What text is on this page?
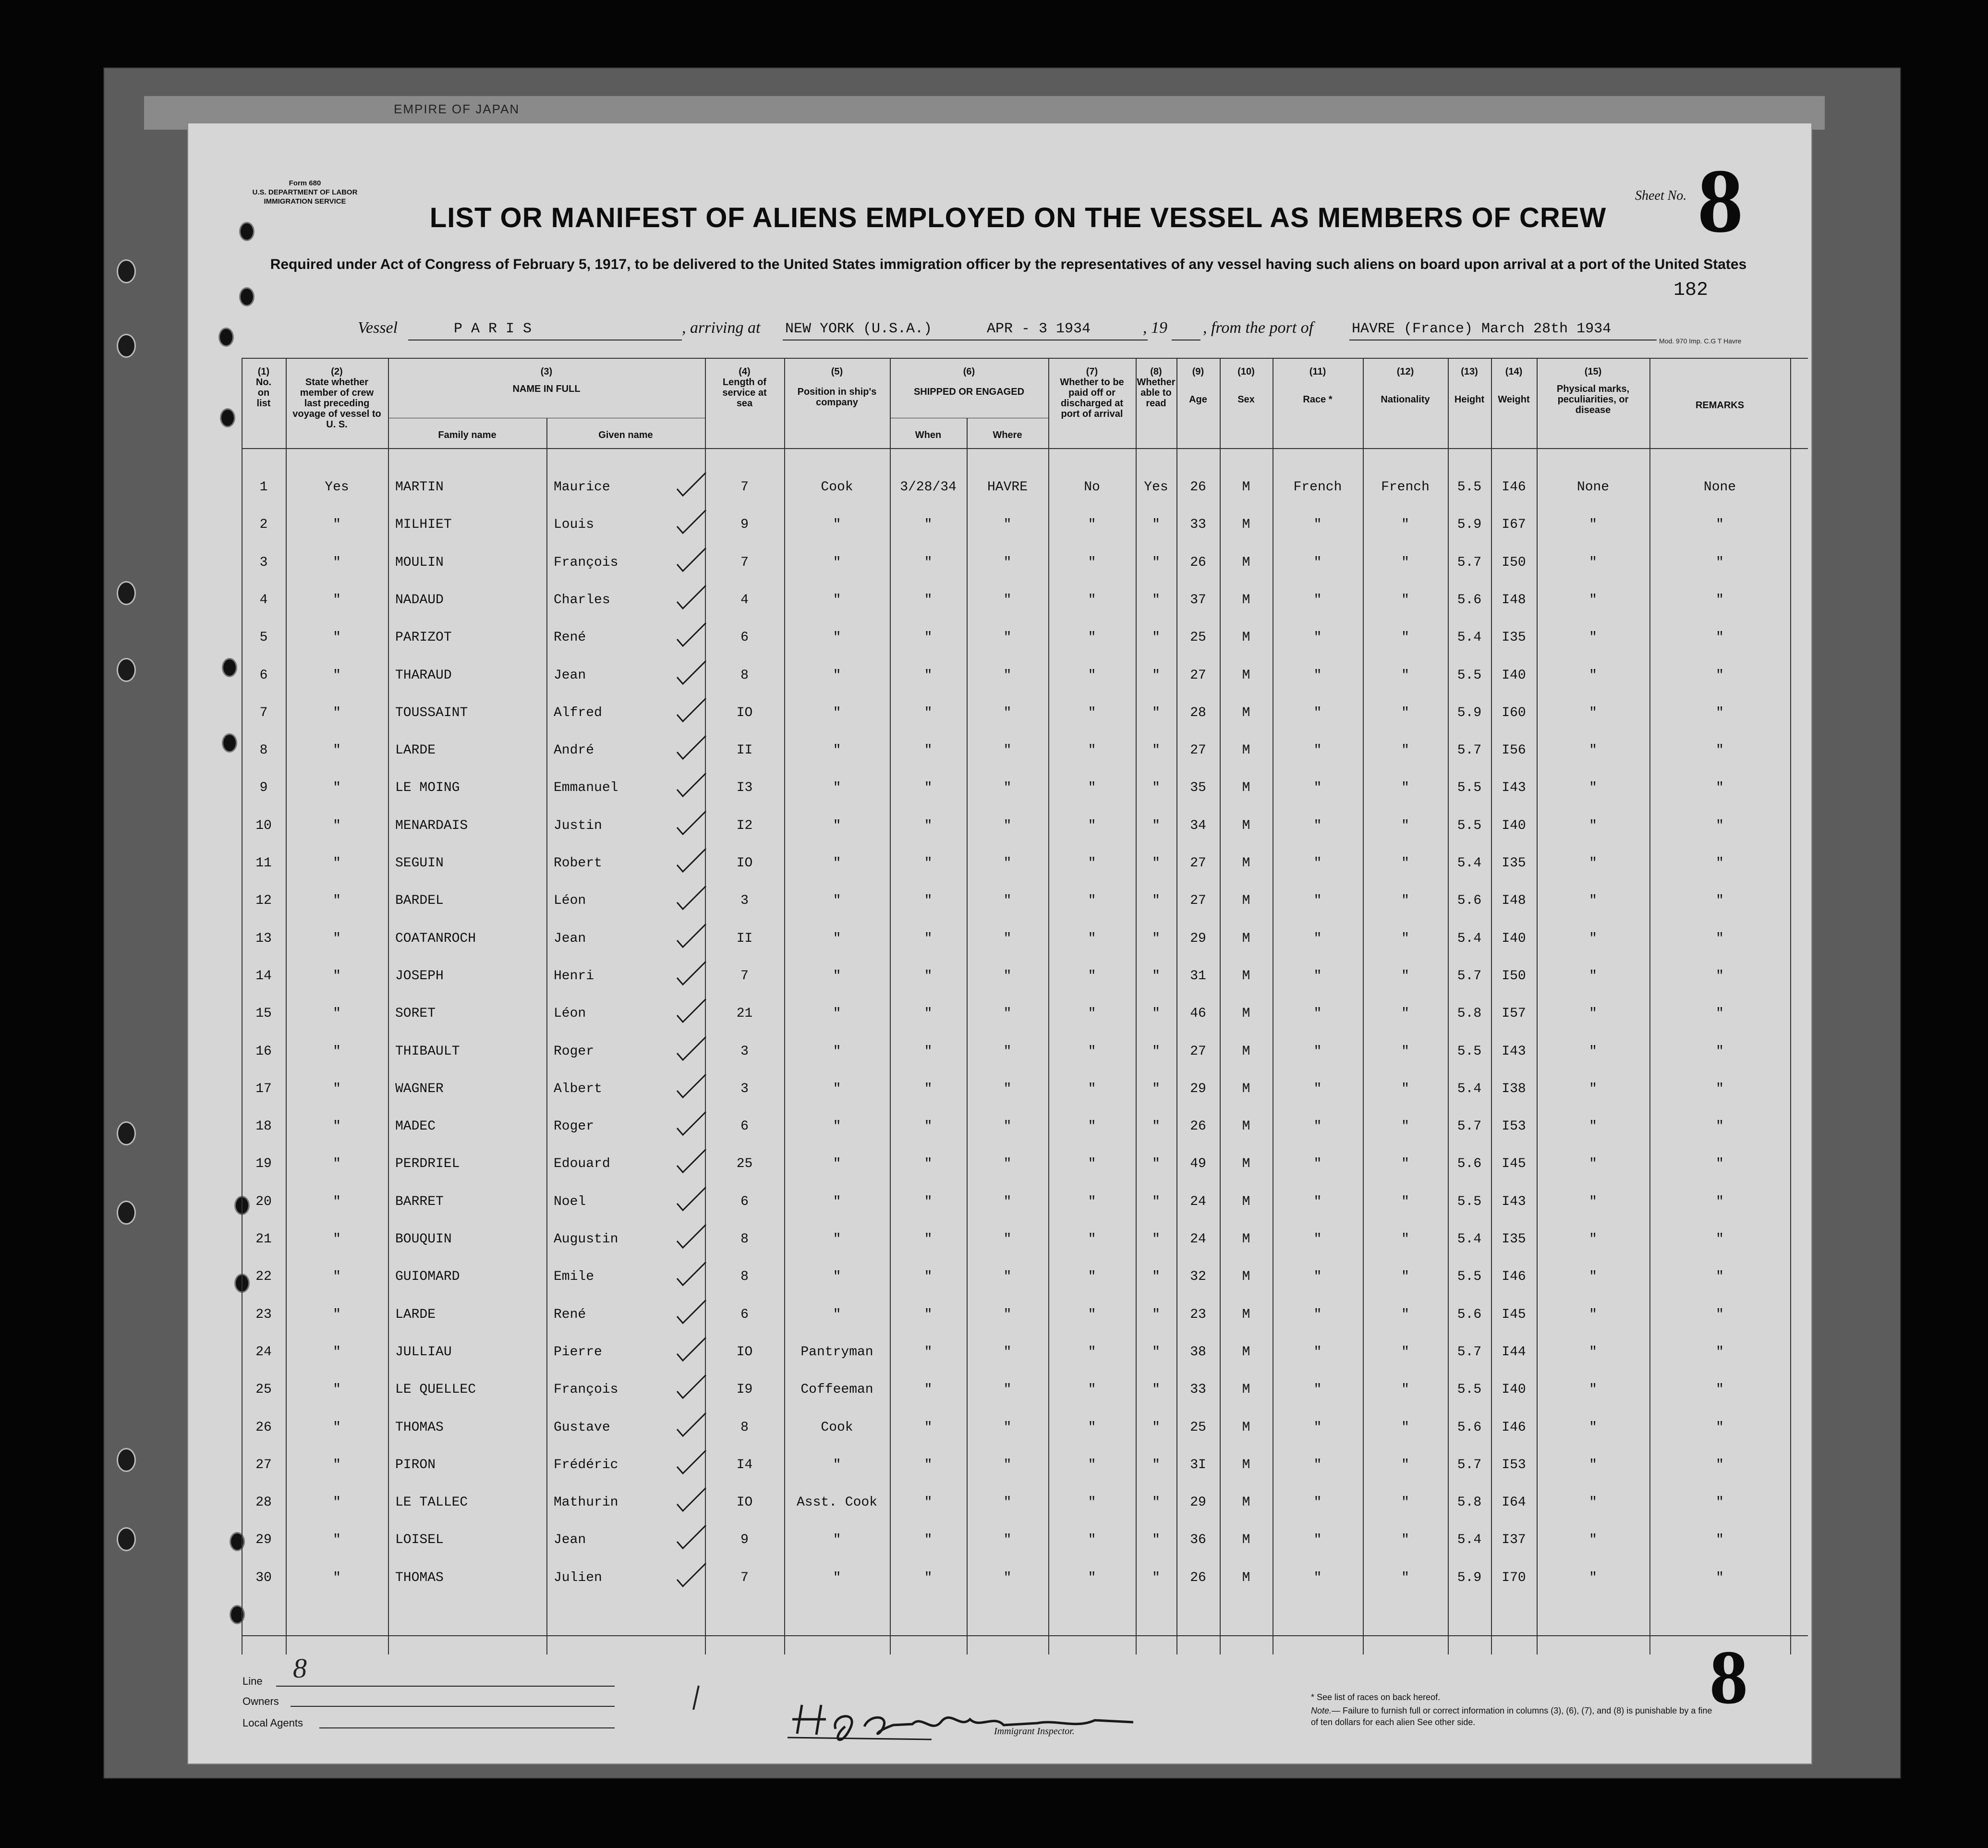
EMPIRE OF JAPAN
Form 680
U.S. DEPARTMENT OF LABOR
IMMIGRATION SERVICE
LIST OR MANIFEST OF ALIENS EMPLOYED ON THE VESSEL AS MEMBERS OF CREW
Required under Act of Congress of February 5, 1917, to be delivered to the United States immigration officer by the representatives of any vessel having such aliens on board upon arrival at a port of the United States
Sheet No. 8
182
Vessel	P A R I S	, arriving at NEW YORK (U.S.A.)	APR - 3 1934	, 19 , from the port of	HAVRE (France) March 28th 1934
Mod. 970 Imp. C.G T Havre
(1)
No. on list
(2)
State whether member of crew last preceding voyage of vessel to U. S.
(3)
NAME IN FULL
Family name	Given name
(4)
Length of service at sea
(5)
Position in ship's company
(6)
SHIPPED OR ENGAGED
When	Where
(7)
Whether to be paid off or discharged at port of arrival
(8)
Whether able to read
(9)
Age
(10)
Sex
(11)
Race *
(12)
Nationality
(13)
Height
(14)
Weight
(15)
Physical marks, peculiarities, or disease	REMARKS
1	Yes	MARTIN	Maurice	7	Cook	3/28/34	HAVRE	No	Yes	26	M	French	French	5.5	I46	None	None
2	"	MILHIET	Louis	9	"	"	"	"	"	33	M	"	"	5.9	I67	"	"
3	"	MOULIN	François	7	"	"	"	"	"	26	M	"	"	5.7	I50	"	"
4	"	NADAUD	Charles	4	"	"	"	"	"	37	M	"	"	5.6	I48	"	"
5	"	PARIZOT	René	6	"	"	"	"	"	25	M	"	"	5.4	I35	"	"
6	"	THARAUD	Jean	8	"	"	"	"	"	27	M	"	"	5.5	I40	"	"
7	"	TOUSSAINT	Alfred	IO	"	"	"	"	"	28	M	"	"	5.9	I60	"	"
8	"	LARDE	André	II	"	"	"	"	"	27	M	"	"	5.7	I56	"	"
9	"	LE MOING	Emmanuel	I3	"	"	"	"	"	35	M	"	"	5.5	I43	"	"
10	"	MENARDAIS	Justin	I2	"	"	"	"	"	34	M	"	"	5.5	I40	"	"
11	"	SEGUIN	Robert	IO	"	"	"	"	"	27	M	"	"	5.4	I35	"	"
12	"	BARDEL	Léon	3	"	"	"	"	"	27	M	"	"	5.6	I48	"	"
13	"	COATANROCH	Jean	II	"	"	"	"	"	29	M	"	"	5.4	I40	"	"
14	"	JOSEPH	Henri	7	"	"	"	"	"	31	M	"	"	5.7	I50	"	"
15	"	SORET	Léon	21	"	"	"	"	"	46	M	"	"	5.8	I57	"	"
16	"	THIBAULT	Roger	3	"	"	"	"	"	27	M	"	"	5.5	I43	"	"
17	"	WAGNER	Albert	3	"	"	"	"	"	29	M	"	"	5.4	I38	"	"
18	"	MADEC	Roger	6	"	"	"	"	"	26	M	"	"	5.7	I53	"	"
19	"	PERDRIEL	Edouard	25	"	"	"	"	"	49	M	"	"	5.6	I45	"	"
20	"	BARRET	Noel	6	"	"	"	"	"	24	M	"	"	5.5	I43	"	"
21	"	BOUQUIN	Augustin	8	"	"	"	"	"	24	M	"	"	5.4	I35	"	"
22	"	GUIOMARD	Emile	8	"	"	"	"	"	32	M	"	"	5.5	I46	"	"
23	"	LARDE	René	6	"	"	"	"	"	23	M	"	"	5.6	I45	"	"
24	"	JULLIAU	Pierre	IO	Pantryman	"	"	"	"	38	M	"	"	5.7	I44	"	"
25	"	LE QUELLEC	François	I9	Coffeeman	"	"	"	"	33	M	"	"	5.5	I40	"	"
26	"	THOMAS	Gustave	8	Cook	"	"	"	"	25	M	"	"	5.6	I46	"	"
27	"	PIRON	Frédéric	I4	"	"	"	"	"	3I	M	"	"	5.7	I53	"	"
28	"	LE TALLEC	Mathurin	IO	Asst. Cook	"	"	"	"	29	M	"	"	5.8	I64	"	"
29	"	LOISEL	Jean	9	"	"	"	"	"	36	M	"	"	5.4	I37	"	"
30	"	THOMAS	Julien	7	"	"	"	"	"	26	M	"	"	5.9	I70	"	"
Line 8
Owners
Local Agents
Immigrant Inspector.
* See list of races on back hereof.
Note.— Failure to furnish full or correct information in columns (3), (6), (7), and (8) is punishable by a fine of ten dollars for each alien See other side.
8
